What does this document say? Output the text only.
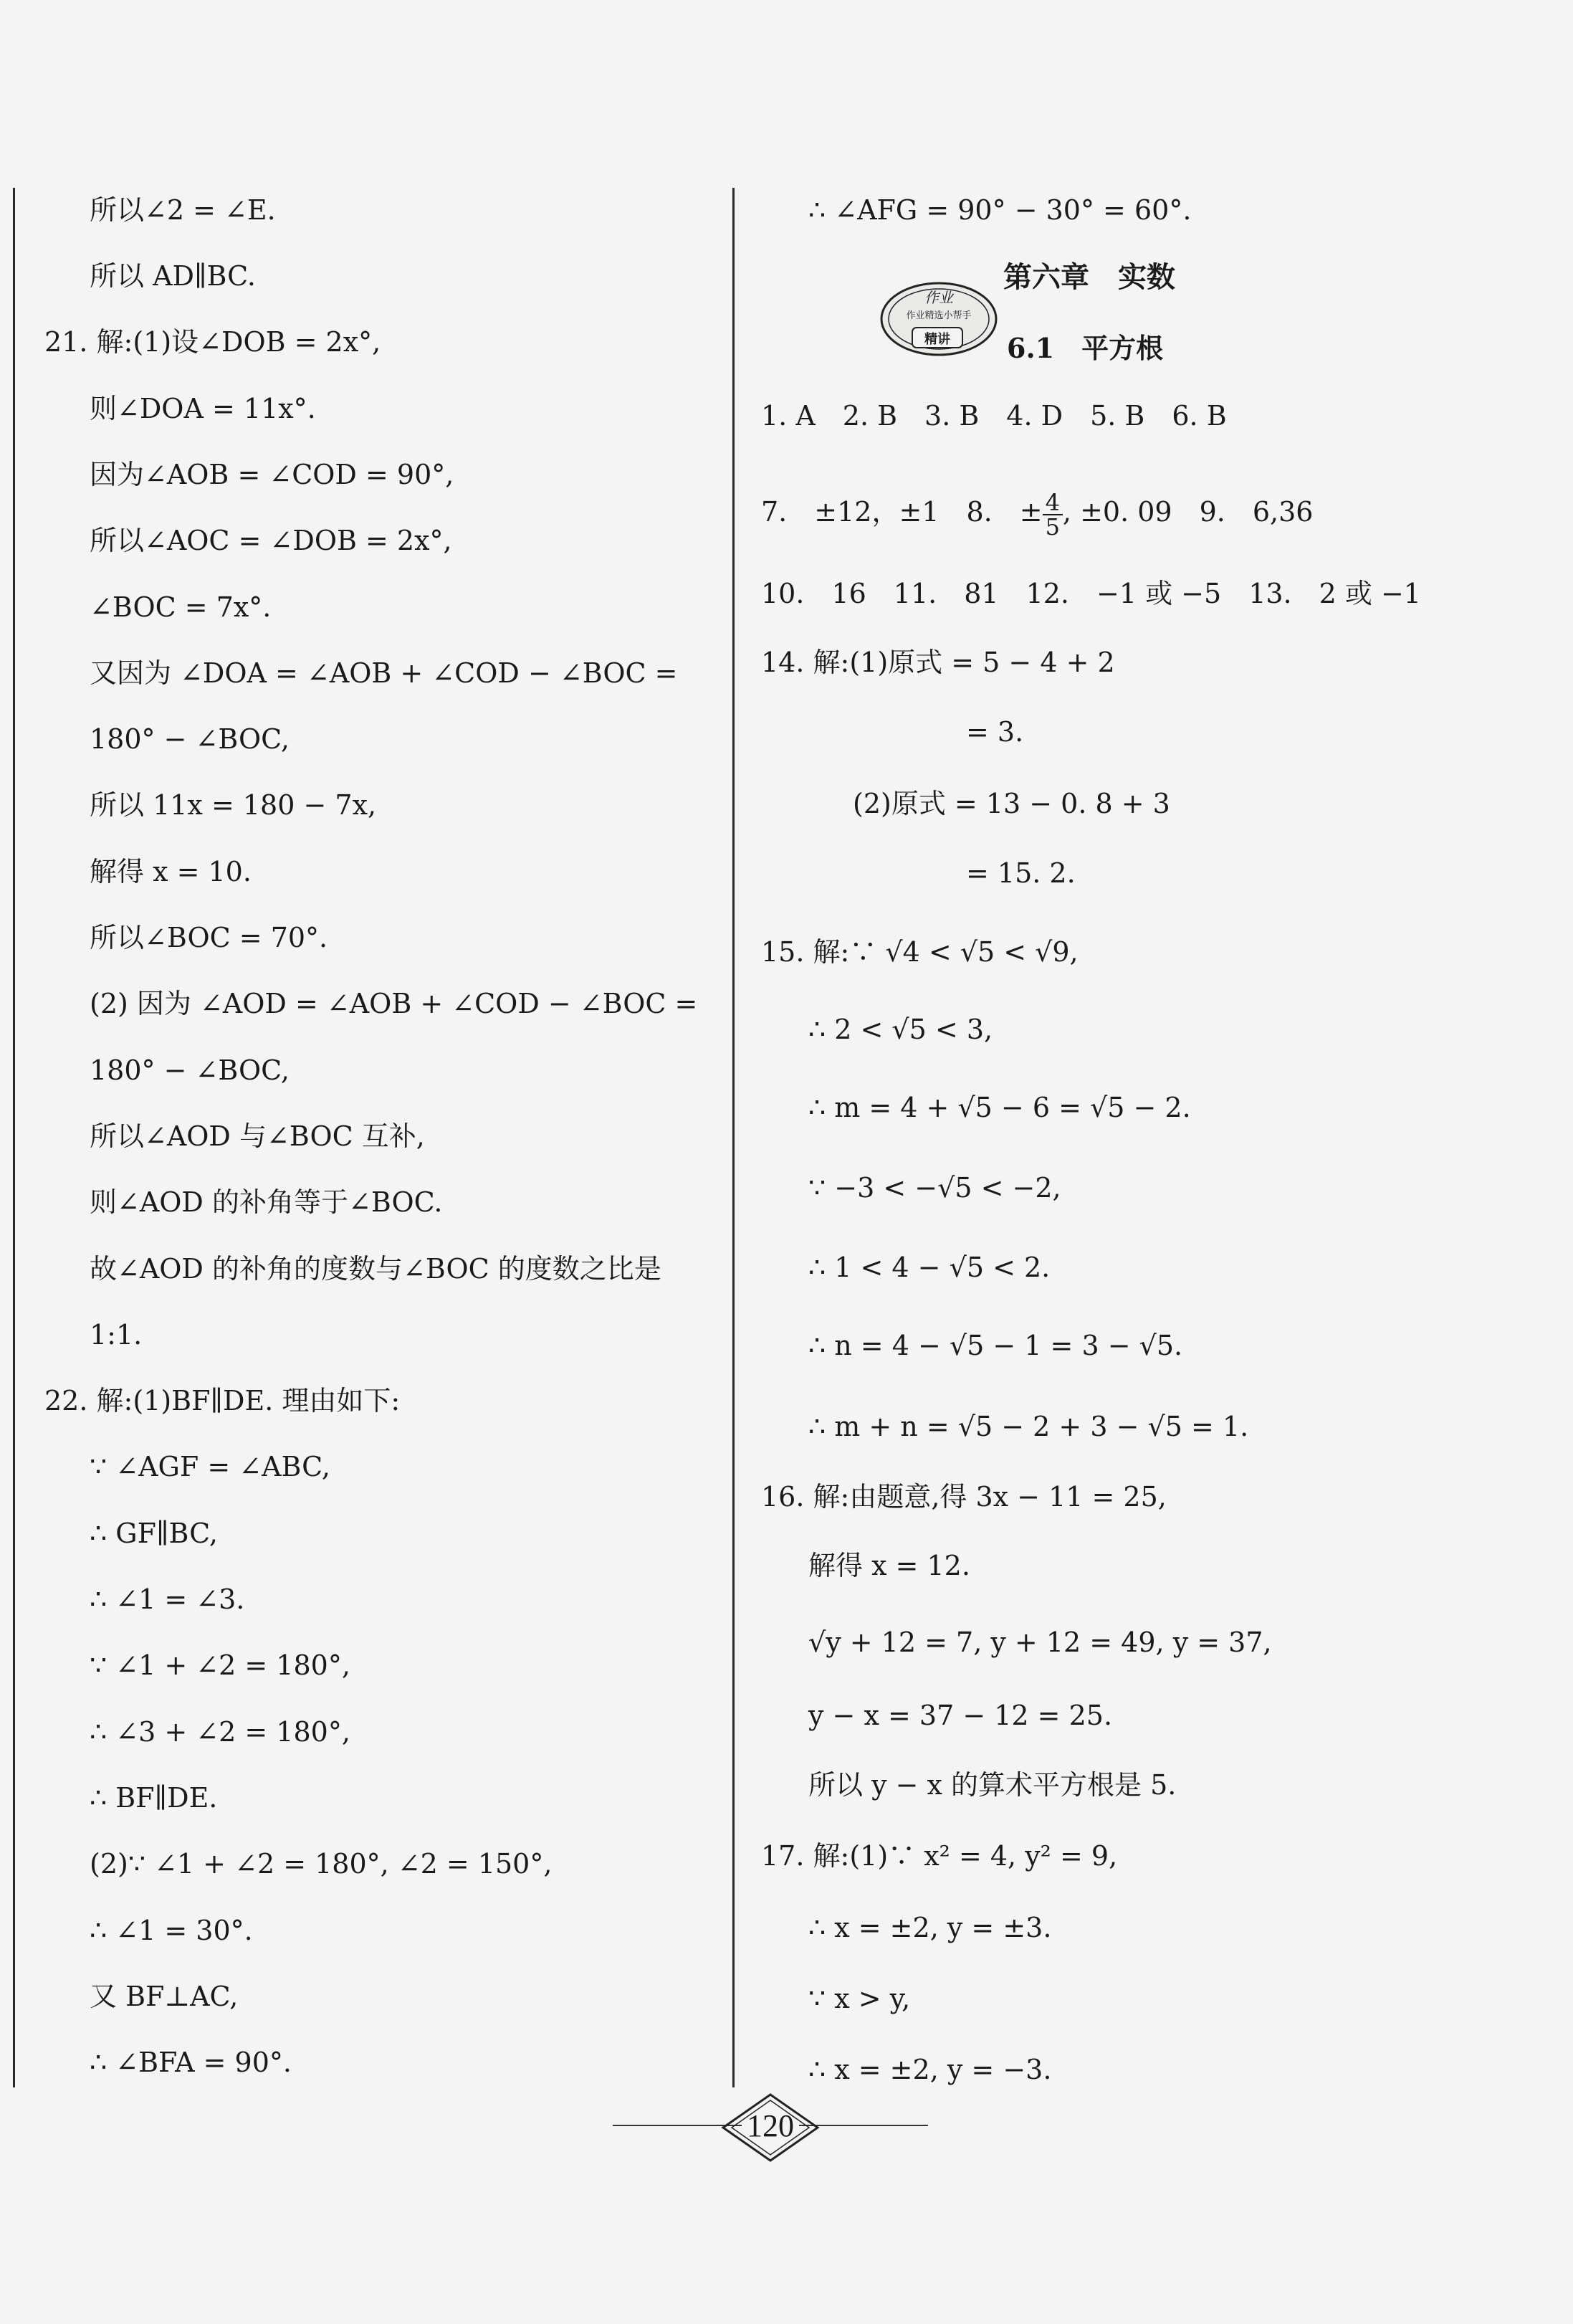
所以∠2 = ∠E.
所以 AD∥BC.
21. 解:(1)设∠DOB = 2x°,
则∠DOA = 11x°.
因为∠AOB = ∠COD = 90°,
所以∠AOC = ∠DOB = 2x°,
∠BOC = 7x°.
又因为 ∠DOA = ∠AOB + ∠COD − ∠BOC =
180° − ∠BOC,
所以 11x = 180 − 7x,
解得 x = 10.
所以∠BOC = 70°.
(2) 因为 ∠AOD = ∠AOB + ∠COD − ∠BOC =
180° − ∠BOC,
所以∠AOD 与∠BOC 互补,
则∠AOD 的补角等于∠BOC.
故∠AOD 的补角的度数与∠BOC 的度数之比是
1:1.
22. 解:(1)BF∥DE. 理由如下:
∵ ∠AGF = ∠ABC,
∴ GF∥BC,
∴ ∠1 = ∠3.
∵ ∠1 + ∠2 = 180°,
∴ ∠3 + ∠2 = 180°,
∴ BF∥DE.
(2)∵ ∠1 + ∠2 = 180°, ∠2 = 150°,
∴ ∠1 = 30°.
又 BF⊥AC,
∴ ∠BFA = 90°.
∴ ∠AFG = 90° − 30° = 60°.
作业
作业精选小帮手
精讲
第六章　实数
6.1　平方根
1. A　2. B　3. B　4. D　5. B　6. B
7.　±12，±1　8.　± $\frac{4}{5}$ , ±0. 09　9.　6,36
10.　16　11.　81　12.　−1 或 −5　13.　2 或 −1
14. 解:(1)原式 = 5 − 4 + 2
= 3.
(2)原式 = 13 − 0. 8 + 3
= 15. 2.
15. 解:∵ √4 < √5 < √9,
∴ 2 < √5 < 3,
∴ m = 4 + √5 − 6 = √5 − 2.
∵ −3 < −√5 < −2,
∴ 1 < 4 − √5 < 2.
∴ n = 4 − √5 − 1 = 3 − √5.
∴ m + n = √5 − 2 + 3 − √5 = 1.
16. 解:由题意,得 3x − 11 = 25,
解得 x = 12.
√y + 12 = 7, y + 12 = 49, y = 37,
y − x = 37 − 12 = 25.
所以 y − x 的算术平方根是 5.
17. 解:(1)∵ x² = 4, y² = 9,
∴ x = ±2, y = ±3.
∵ x > y,
∴ x = ±2, y = −3.
120
